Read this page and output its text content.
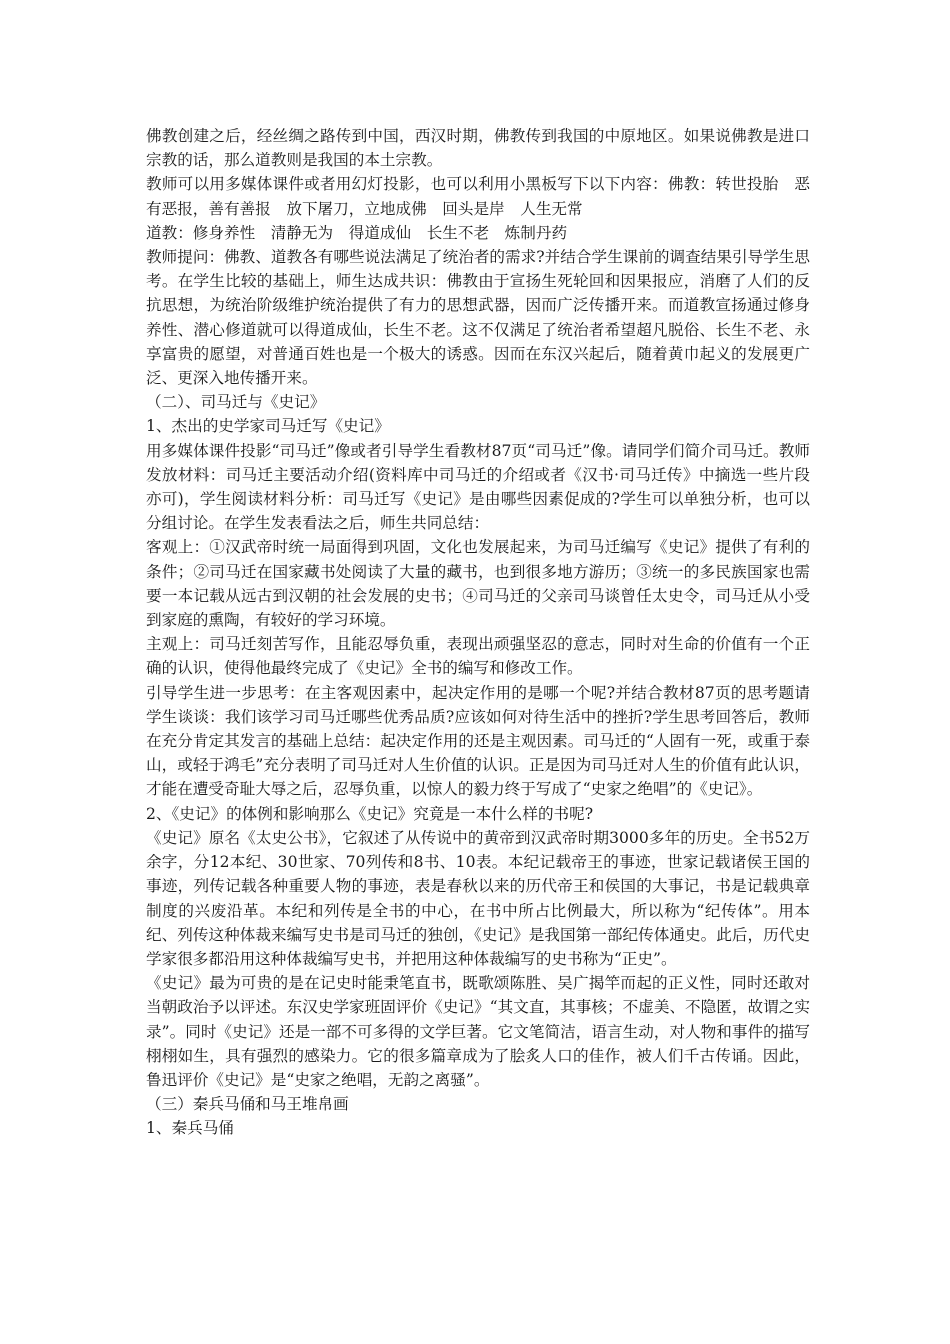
佛教创建之后，经丝绸之路传到中国，西汉时期，佛教传到我国的中原地区。如果说佛教是进口宗教的话，那么道教则是我国的本土宗教。

教师可以用多媒体课件或者用幻灯投影，也可以利用小黑板写下以下内容：佛教：转世投胎　恶有恶报，善有善报　放下屠刀，立地成佛　回头是岸　人生无常

道教：修身养性　清静无为　得道成仙　长生不老　炼制丹药

教师提问：佛教、道教各有哪些说法满足了统治者的需求?并结合学生课前的调查结果引导学生思考。在学生比较的基础上，师生达成共识：佛教由于宣扬生死轮回和因果报应，消磨了人们的反抗思想，为统治阶级维护统治提供了有力的思想武器，因而广泛传播开来。而道教宣扬通过修身养性、潜心修道就可以得道成仙，长生不老。这不仅满足了统治者希望超凡脱俗、长生不老、永享富贵的愿望，对普通百姓也是一个极大的诱惑。因而在东汉兴起后，随着黄巾起义的发展更广泛、更深入地传播开来。

（二）、司马迁与《史记》

1、杰出的史学家司马迁写《史记》

用多媒体课件投影“司马迁”像或者引导学生看教材87页“司马迁”像。请同学们简介司马迁。教师发放材料：司马迁主要活动介绍(资料库中司马迁的介绍或者《汉书·司马迁传》中摘选一些片段亦可)，学生阅读材料分析：司马迁写《史记》是由哪些因素促成的?学生可以单独分析，也可以分组讨论。在学生发表看法之后，师生共同总结：

客观上：①汉武帝时统一局面得到巩固，文化也发展起来，为司马迁编写《史记》提供了有利的条件；②司马迁在国家藏书处阅读了大量的藏书，也到很多地方游历；③统一的多民族国家也需要一本记载从远古到汉朝的社会发展的史书；④司马迁的父亲司马谈曾任太史令，司马迁从小受到家庭的熏陶，有较好的学习环境。

主观上：司马迁刻苦写作，且能忍辱负重，表现出顽强坚忍的意志，同时对生命的价值有一个正确的认识，使得他最终完成了《史记》全书的编写和修改工作。

引导学生进一步思考：在主客观因素中，起决定作用的是哪一个呢?并结合教材87页的思考题请学生谈谈：我们该学习司马迁哪些优秀品质?应该如何对待生活中的挫折?学生思考回答后，教师在充分肯定其发言的基础上总结：起决定作用的还是主观因素。司马迁的“人固有一死，或重于泰山，或轻于鸿毛”充分表明了司马迁对人生价值的认识。正是因为司马迁对人生的价值有此认识，才能在遭受奇耻大辱之后，忍辱负重，以惊人的毅力终于写成了“史家之绝唱”的《史记》。

2、《史记》的体例和影响那么《史记》究竟是一本什么样的书呢?

《史记》原名《太史公书》，它叙述了从传说中的黄帝到汉武帝时期3000多年的历史。全书52万余字，分12本纪、30世家、70列传和8书、10表。本纪记载帝王的事迹，世家记载诸侯王国的事迹，列传记载各种重要人物的事迹，表是春秋以来的历代帝王和侯国的大事记，书是记载典章制度的兴废沿革。本纪和列传是全书的中心，在书中所占比例最大，所以称为“纪传体”。用本纪、列传这种体裁来编写史书是司马迁的独创，《史记》是我国第一部纪传体通史。此后，历代史学家很多都沿用这种体裁编写史书，并把用这种体裁编写的史书称为“正史”。

《史记》最为可贵的是在记史时能秉笔直书，既歌颂陈胜、吴广揭竿而起的正义性，同时还敢对当朝政治予以评述。东汉史学家班固评价《史记》“其文直，其事核；不虚美、不隐匿，故谓之实录”。同时《史记》还是一部不可多得的文学巨著。它文笔简洁，语言生动，对人物和事件的描写栩栩如生，具有强烈的感染力。它的很多篇章成为了脍炙人口的佳作，被人们千古传诵。因此，鲁迅评价《史记》是“史家之绝唱，无韵之离骚”。

（三）秦兵马俑和马王堆帛画

1、秦兵马俑
